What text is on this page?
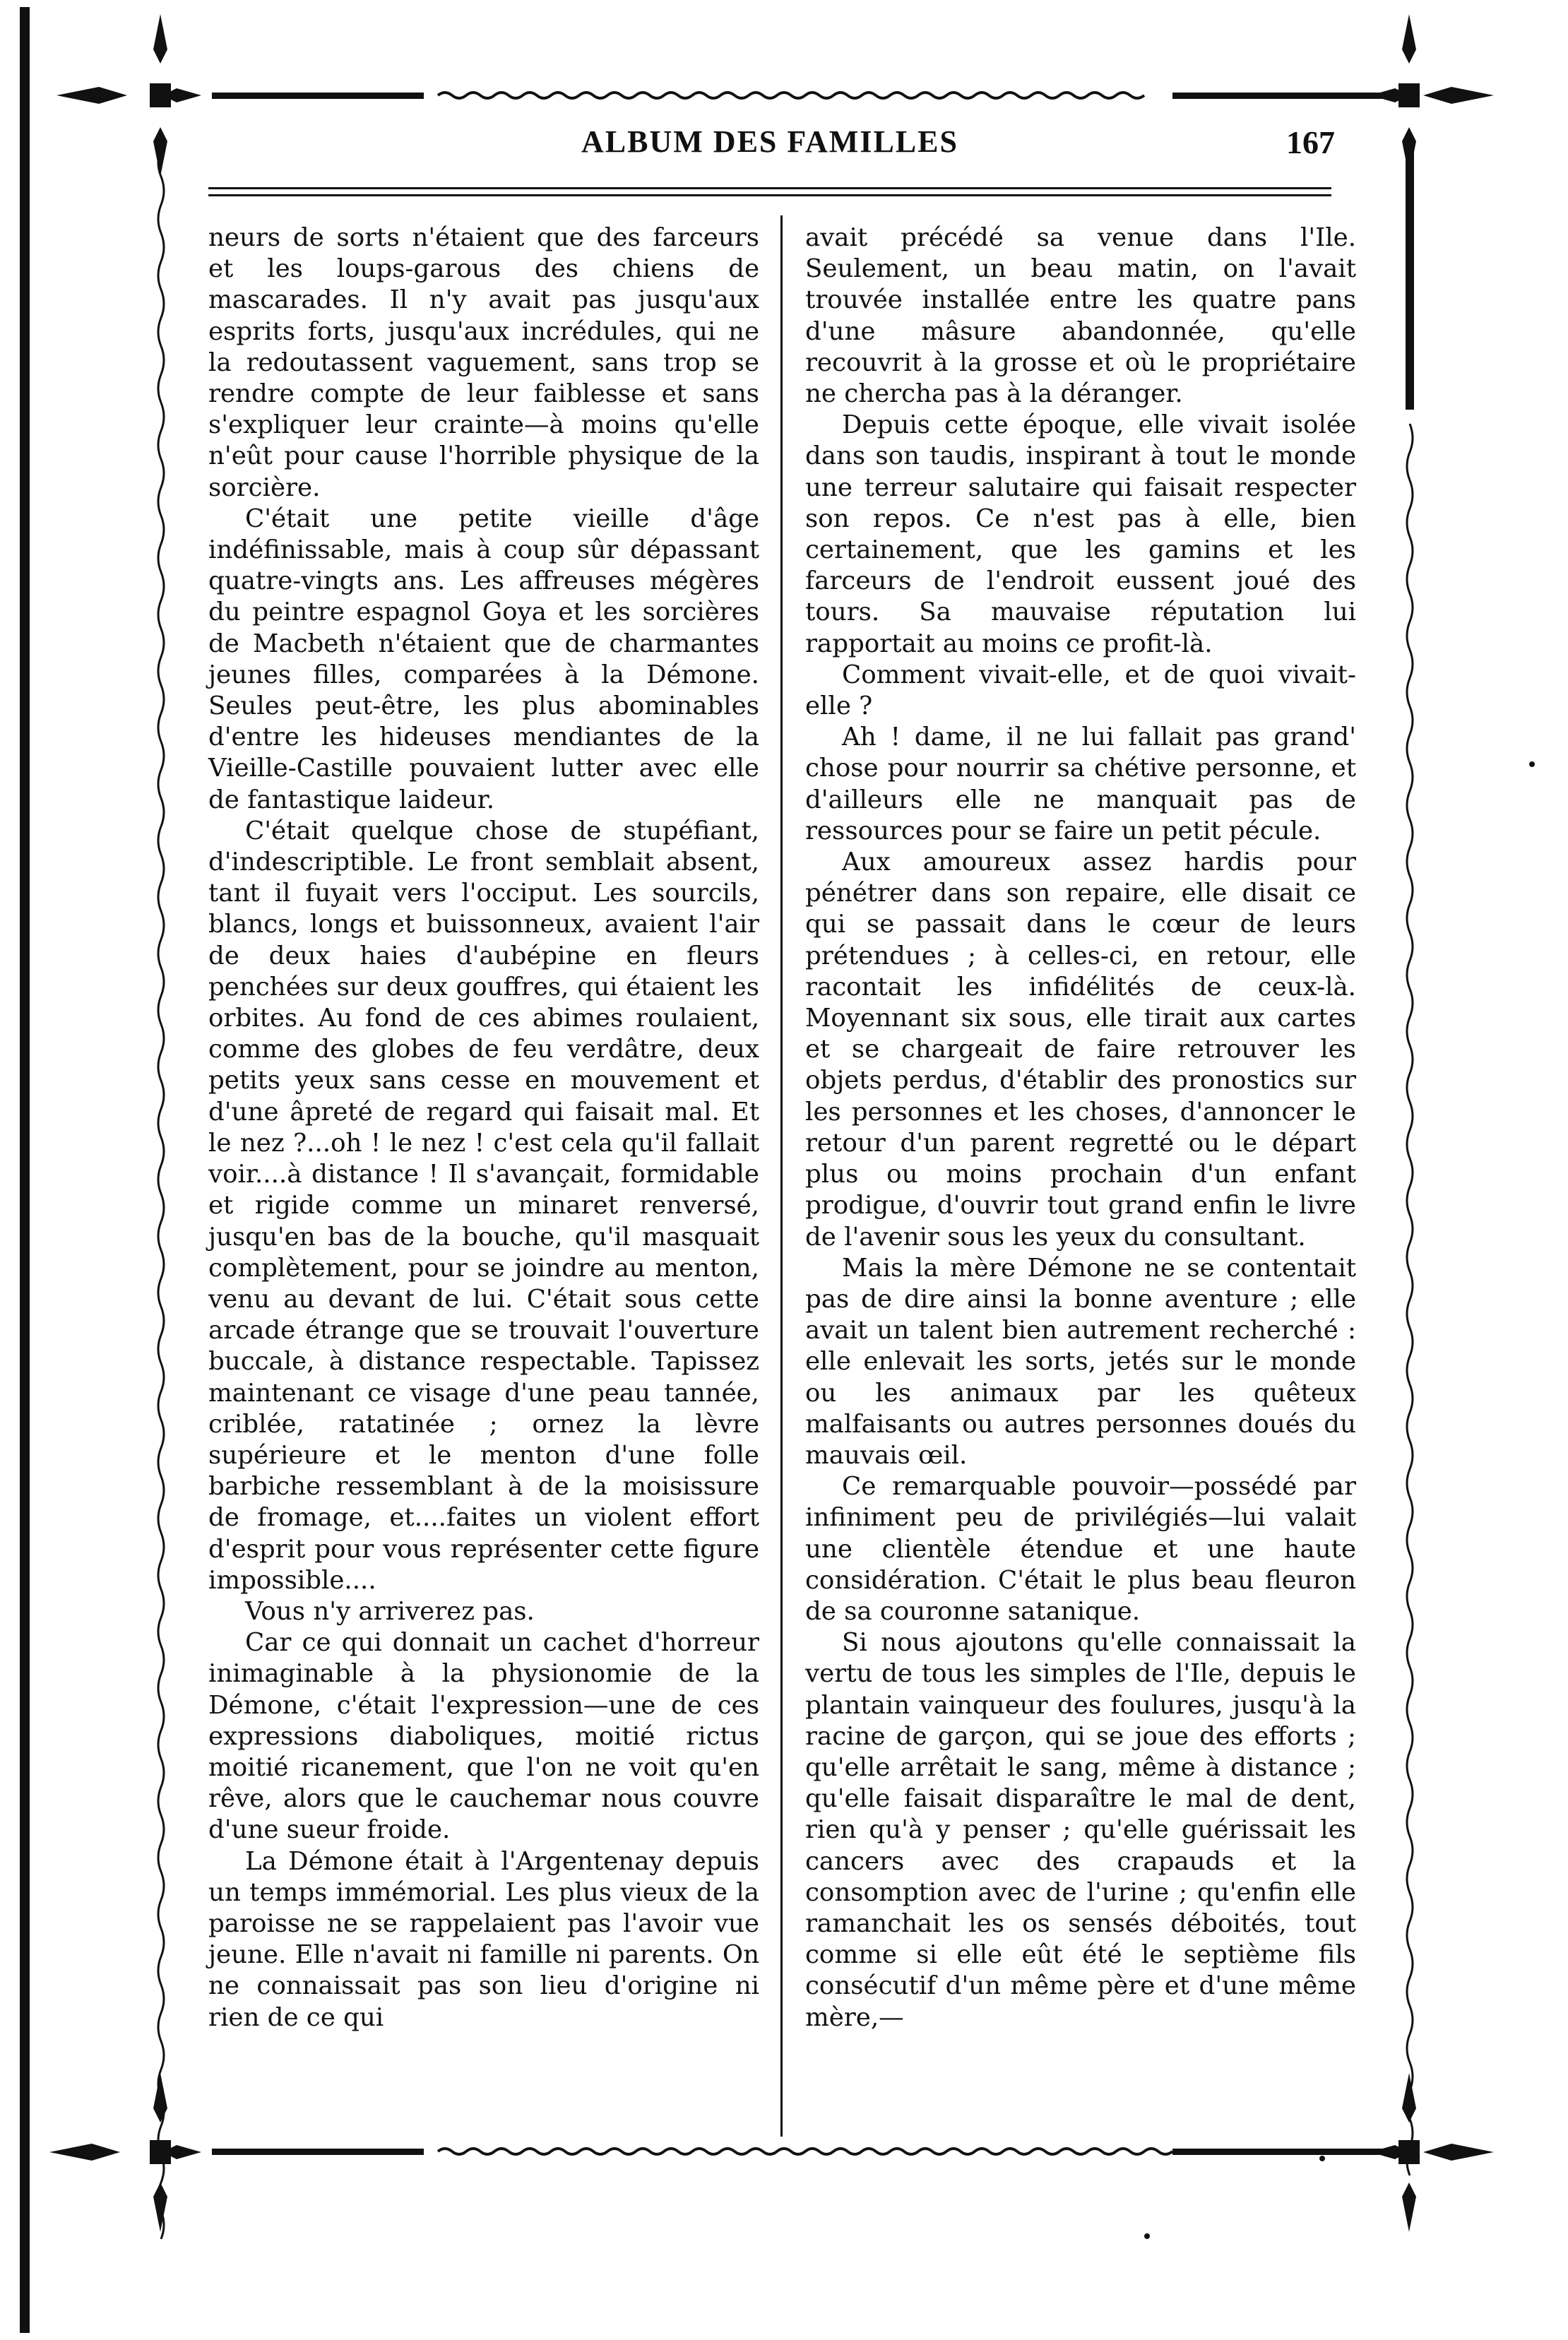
ALBUM DES FAMILLES	167

neurs de sorts n'étaient que des farceurs et les loups-garous des chiens de mascarades. Il n'y avait pas jusqu'aux esprits forts, jusqu'aux incrédules, qui ne la redoutassent vaguement, sans trop se rendre compte de leur faiblesse et sans s'expliquer leur crainte—à moins qu'elle n'eût pour cause l'horrible physique de la sorcière.

C'était une petite vieille d'âge indéfinissable, mais à coup sûr dépassant quatre-vingts ans. Les affreuses mégères du peintre espagnol Goya et les sorcières de Macbeth n'étaient que de charmantes jeunes filles, comparées à la Démone. Seules peut-être, les plus abominables d'entre les hideuses mendiantes de la Vieille-Castille pouvaient lutter avec elle de fantastique laideur.

C'était quelque chose de stupéfiant, d'indescriptible. Le front semblait absent, tant il fuyait vers l'occiput. Les sourcils, blancs, longs et buissonneux, avaient l'air de deux haies d'aubépine en fleurs penchées sur deux gouffres, qui étaient les orbites. Au fond de ces abimes roulaient, comme des globes de feu verdâtre, deux petits yeux sans cesse en mouvement et d'une âpreté de regard qui faisait mal. Et le nez ?...oh ! le nez ! c'est cela qu'il fallait voir....à distance ! Il s'avançait, formidable et rigide comme un minaret renversé, jusqu'en bas de la bouche, qu'il masquait complètement, pour se joindre au menton, venu au devant de lui. C'était sous cette arcade étrange que se trouvait l'ouverture buccale, à distance respectable. Tapissez maintenant ce visage d'une peau tannée, criblée, ratatinée ; ornez la lèvre supérieure et le menton d'une folle barbiche ressemblant à de la moisissure de fromage, et....faites un violent effort d'esprit pour vous représenter cette figure impossible....

Vous n'y arriverez pas.

Car ce qui donnait un cachet d'horreur inimaginable à la physionomie de la Démone, c'était l'expression—une de ces expressions diaboliques, moitié rictus moitié ricanement, que l'on ne voit qu'en rêve, alors que le cauchemar nous couvre d'une sueur froide.

La Démone était à l'Argentenay depuis un temps immémorial. Les plus vieux de la paroisse ne se rappelaient pas l'avoir vue jeune. Elle n'avait ni famille ni parents. On ne connaissait pas son lieu d'origine ni rien de ce qui

avait précédé sa venue dans l'Ile. Seulement, un beau matin, on l'avait trouvée installée entre les quatre pans d'une mâsure abandonnée, qu'elle recouvrit à la grosse et où le propriétaire ne chercha pas à la déranger.

Depuis cette époque, elle vivait isolée dans son taudis, inspirant à tout le monde une terreur salutaire qui faisait respecter son repos. Ce n'est pas à elle, bien certainement, que les gamins et les farceurs de l'endroit eussent joué des tours. Sa mauvaise réputation lui rapportait au moins ce profit-là.

Comment vivait-elle, et de quoi vivait-elle ?

Ah ! dame, il ne lui fallait pas grand' chose pour nourrir sa chétive personne, et d'ailleurs elle ne manquait pas de ressources pour se faire un petit pécule.

Aux amoureux assez hardis pour pénétrer dans son repaire, elle disait ce qui se passait dans le cœur de leurs prétendues ; à celles-ci, en retour, elle racontait les infidélités de ceux-là. Moyennant six sous, elle tirait aux cartes et se chargeait de faire retrouver les objets perdus, d'établir des pronostics sur les personnes et les choses, d'annoncer le retour d'un parent regretté ou le départ plus ou moins prochain d'un enfant prodigue, d'ouvrir tout grand enfin le livre de l'avenir sous les yeux du consultant.

Mais la mère Démone ne se contentait pas de dire ainsi la bonne aventure ; elle avait un talent bien autrement recherché : elle enlevait les sorts, jetés sur le monde ou les animaux par les quêteux malfaisants ou autres personnes doués du mauvais œil.

Ce remarquable pouvoir—possédé par infiniment peu de privilégiés—lui valait une clientèle étendue et une haute considération. C'était le plus beau fleuron de sa couronne satanique.

Si nous ajoutons qu'elle connaissait la vertu de tous les simples de l'Ile, depuis le plantain vainqueur des foulures, jusqu'à la racine de garçon, qui se joue des efforts ; qu'elle arrêtait le sang, même à distance ; qu'elle faisait disparaître le mal de dent, rien qu'à y penser ; qu'elle guérissait les cancers avec des crapauds et la consomption avec de l'urine ; qu'enfin elle ramanchait les os sensés déboités, tout comme si elle eût été le septième fils consécutif d'un même père et d'une même mère,—
